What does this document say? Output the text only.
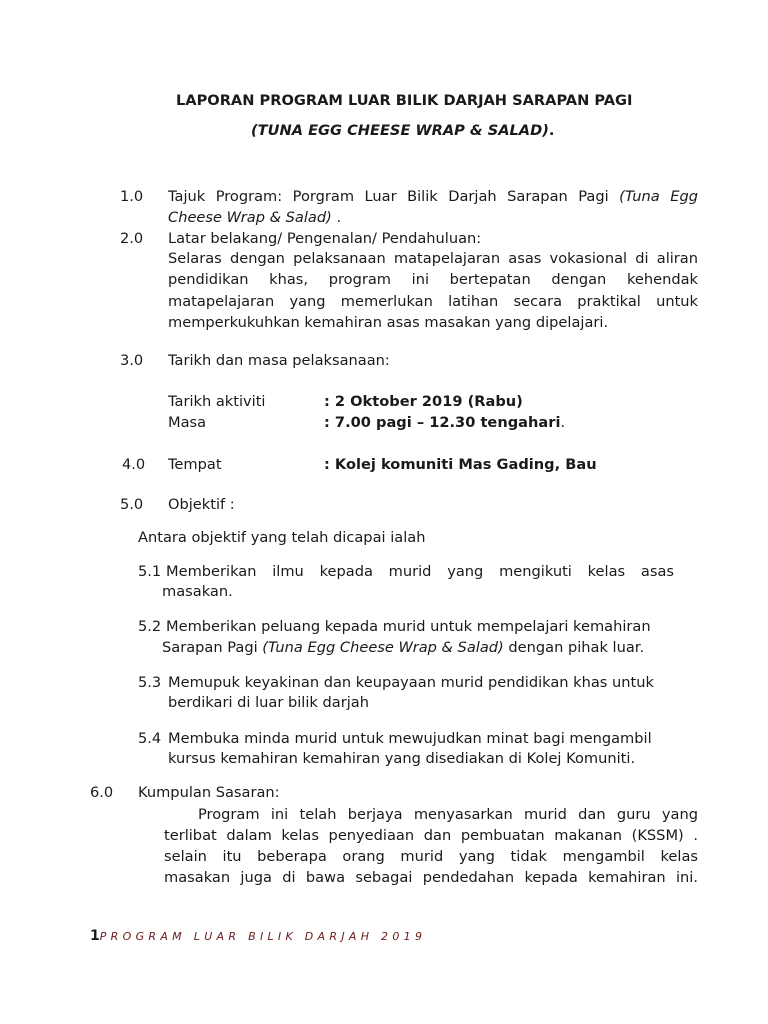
LAPORAN PROGRAM LUAR BILIK DARJAH SARAPAN PAGI
(TUNA EGG CHEESE WRAP & SALAD).
1.0 Tajuk Program: Porgram Luar Bilik Darjah Sarapan Pagi (Tuna Egg
Cheese Wrap & Salad) .
2.0 Latar belakang/ Pengenalan/ Pendahuluan:
Selaras dengan pelaksanaan matapelajaran asas vokasional di aliran pendidikan khas, program ini bertepatan dengan kehendak matapelajaran yang memerlukan latihan secara praktikal untuk memperkukuhkan kemahiran asas masakan yang dipelajari.
3.0 Tarikh dan masa pelaksanaan:
Tarikh aktiviti	: 2 Oktober 2019 (Rabu)
Masa	: 7.00 pagi – 12.30 tengahari.
4.0 Tempat	: Kolej komuniti Mas Gading, Bau
5.0 Objektif :
Antara objektif yang telah dicapai ialah
5.1 Memberikan ilmu kepada murid yang mengikuti kelas asas
masakan.
5.2 Memberikan peluang kepada murid untuk mempelajari kemahiran
Sarapan Pagi (Tuna Egg Cheese Wrap & Salad) dengan pihak luar.
5.3 Memupuk keyakinan dan keupayaan murid pendidikan khas untuk
berdikari di luar bilik darjah
5.4 Membuka minda murid untuk mewujudkan minat bagi mengambil
kursus kemahiran kemahiran yang disediakan di Kolej Komuniti.
6.0 Kumpulan Sasaran:
Program ini telah berjaya menyasarkan murid dan guru yang
terlibat dalam kelas penyediaan dan pembuatan makanan (KSSM) .
selain itu beberapa orang murid yang tidak mengambil kelas
masakan juga di bawa sebagai pendedahan kepada kemahiran ini.
1PROGRAM LUAR BILIK DARJAH 2019
